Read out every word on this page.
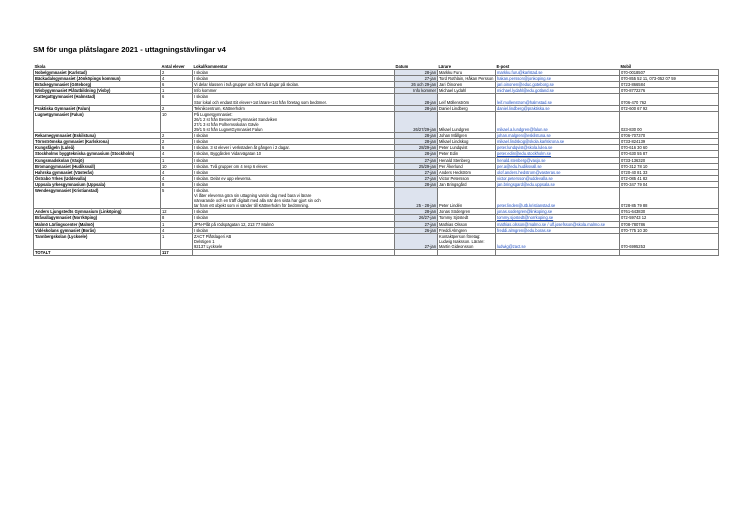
SM för unga plåtslagare 2021 - uttagningstävlingar v4
Skola	Antal elever	Lokal/kommentar	Datum	Lärare	E-post	Mobil
Nobelgymnasiet (Karlstad)	2	I skolan	28-jan	Markku Furu	markku.furu@karlstad.se	070-0018507

Bäckadalsgymnasiet (Jönköpings kommun)	4	I skolan	27-jan	Tord Rothlain, Håkan Persson	hakan.persson@jonkoping.se	070-855 52 11, 073-052 07 59

Bräckegymnasiet (Göteborg)	6	Vi delar klassen i två grupper och kör två dagar på skolan.	26 och 29-jan	Jari Öinonen	jari.oinonen@educ.goteborg.se	0723-866584

Wisbygymnasiet Plåtutbildning (Visby)	1	Info kommer	Info kommer	Michael Lydahl	michael.lydahl@edu.gotland.se	070-8772276

Kattegattgymnasiet (Halmstad)	6	I skolan
Stor lokal och endast Eit elever+1st lärare+1st från företag som bedömer.	28-jan	Leif Möllenström	leif.mollenstrom@halmstad.se	0706-470 762

Praktiska Gymnasiet (Falun)	2	Teknikcentrum, Kättnerholm	28-jan	Daniel Lindberg	daniel.lindberg@praktiska.se	072-600 67 92

Lugnetgymnasiet (Falun)	10	På Lugnetgymnasiet:
26/1 2 st från BessemerGymnasiet Sandviken
27/1 3 st från Polhemsskolan Gävle
29/1 5 st från LugnetGymnasiet Falun	26/27/29-jan	Mikael Lundgren	mikael.a.lundgren@falun.se	023-830 00

Rekarnegymnasiet (Eskilstuna)	2	I skolan	28-jan	Johan Mållgren	johan.malgren@eskilstuna.se	0706-707370

Törnströmska gymnasiet (Karlskrona)	2	I skolan	28-jan	Mikael Lindskog	mikael.lindskog@skola.karlskrona.se	0733-824139

Kungsfågeln (Luleå)	6	I skolan. 3 st elever i verkstaden åt gången i 2 dagar.	28/29-jan	Peter Lundqvist	peter.lundqvist@skola.lulea.se	070-616 30 60

Stockholms byggtekniska gymnasium (Stockholm)	4	I skolan, Byggården Vidarvägatan 10	28-jan	Peter Edin	peter.edin@edu.stockholm.se	070-630 55 87

Kungsmadskolan (Växjö)	1	I skolan	27-jan	Henald Stenberg	henald.stenberg@vaxjo.se	0733-136320

Bromangymnasiet (Hudiksvall)	10	I skolan. Två grupper om 4 resp 6 elever.	25/29-jan	Per Åkerlund	per.a@edu.hudiksvall.se	070-312 78 10

Hahrska gymnasiet (Västerås)	4	I skolan	27-jan	Anders Hedström	olof.anders.hedstrom@vasteras.se	0720-40 81 33

Östrabo Yrkes (Uddevalla)	4	I skolan. Delar ev upp eleverna.	27-jan	Victor Petersson	victor.petersson@uddevalla.se	072-085 41 82

Uppsala yrkesgymnasium (Uppsala)	8	I skolan	28-jan	Jan Bringsgård	jan.bringsgard@edu.uppsala.se	070-347 79 04

Wendesgymnasiet (Kristianstad)	5	I skolan.
Vi låter eleverna göra sin uttagning varsin dag med bara vi lärare
närvarande och en träff digitalt med alla när den sista har gjort sin och
tar fram ett objekt som vi sänder till Kättnerholm för bedömning.	25 - 28-jan	Peter Lindén	peter.linden@utb.kristianstad.se	0728-85 79 88

Anders Ljungstedts Gymnasium (Linköping)	12	I skolan	28-jan	Jonas Södergren	jonas.sodergren@linkoping.se	0761-643830

Bråvallagymnasiet (Norrköping)	8	I skolan	26/27-jan	Tommy Sjöstedt	tommy.sjostedt@norrkoping.se	072-59743 12

Malmö Lärlingscenter (Malmö)	1	JPN-Plåt på rödspägatan 12, 213 77 Malmö	27-jan	Mathias Olsson	mathias.olsson@malmo.se / ulf.josefsson@skola.malmo.se	0708-780786

Vidéskolans gymnasiet (Borås)	4	I skolan	26-jan	Freddi Almgren	freddi.almgren@edu.boras.se	070-775 10 30

Tannbergskolan (Lycksele)	1	ZACT Plåtslageri AB
Delstigen 1
92137 Lycksele	27-jan	Kontaktperson företag:
Ludwig Isaksson. Lärare:
Martin Gideonsson	ludwig@zact.se	070-6995253

TOTALT	117					
